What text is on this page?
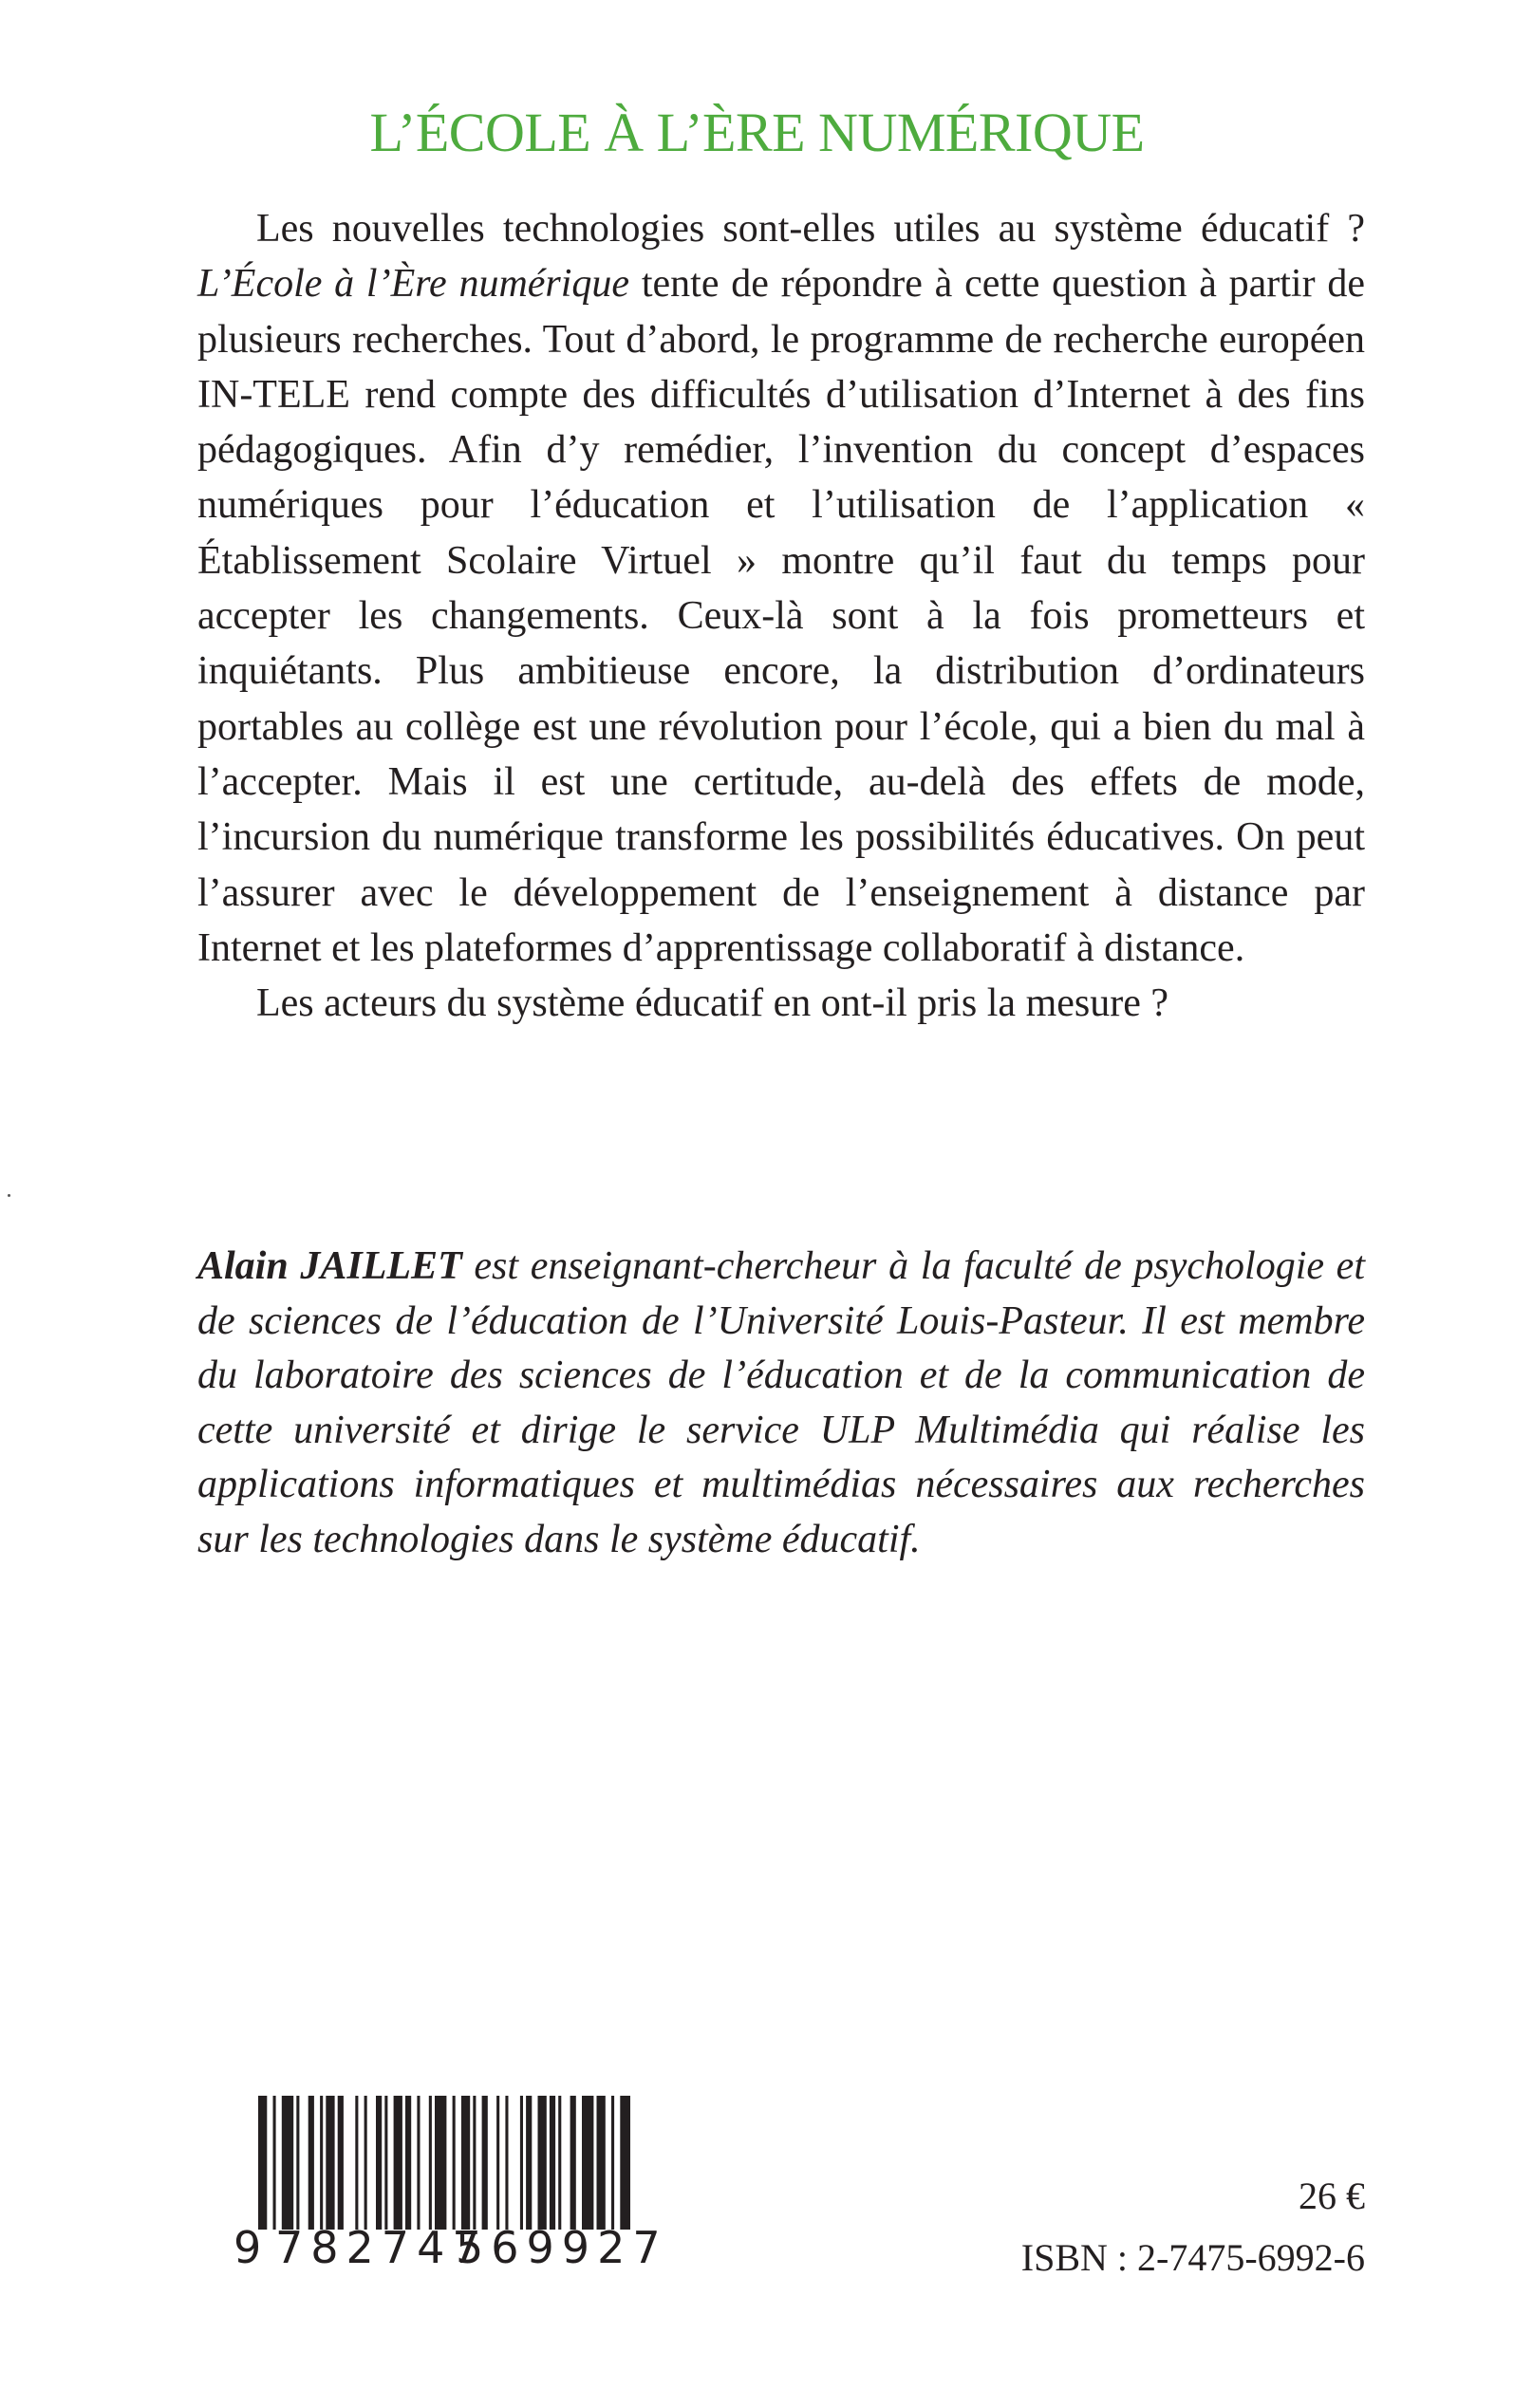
L’ÉCOLE À L’ÈRE NUMÉRIQUE

Les nouvelles technologies sont-elles utiles au système éducatif ? L’École à l’Ère numérique tente de répondre à cette question à partir de plusieurs recherches. Tout d’abord, le programme de recherche européen IN-TELE rend compte des difficultés d’utilisation d’Internet à des fins pédagogiques. Afin d’y remédier, l’invention du concept d’espaces numériques pour l’éducation et l’utilisation de l’application « Établissement Scolaire Virtuel » montre qu’il faut du temps pour accepter les changements. Ceux-là sont à la fois prometteurs et inquiétants. Plus ambitieuse encore, la distribution d’ordinateurs portables au collège est une révolution pour l’école, qui a bien du mal à l’accepter. Mais il est une certitude, au-delà des effets de mode, l’incursion du numérique transforme les possibilités éducatives. On peut l’assurer avec le développement de l’enseignement à distance par Internet et les plateformes d’apprentissage collaboratif à distance.

Les acteurs du système éducatif en ont-il pris la mesure ?

Alain JAILLET est enseignant-chercheur à la faculté de psychologie et de sciences de l’éducation de l’Université Louis-Pasteur. Il est membre du laboratoire des sciences de l’éducation et de la communication de cette université et dirige le service ULP Multimédia qui réalise les applications informatiques et multimédias nécessaires aux recherches sur les technologies dans le système éducatif.
9 782747
569927
26 €
ISBN : 2-7475-6992-6
